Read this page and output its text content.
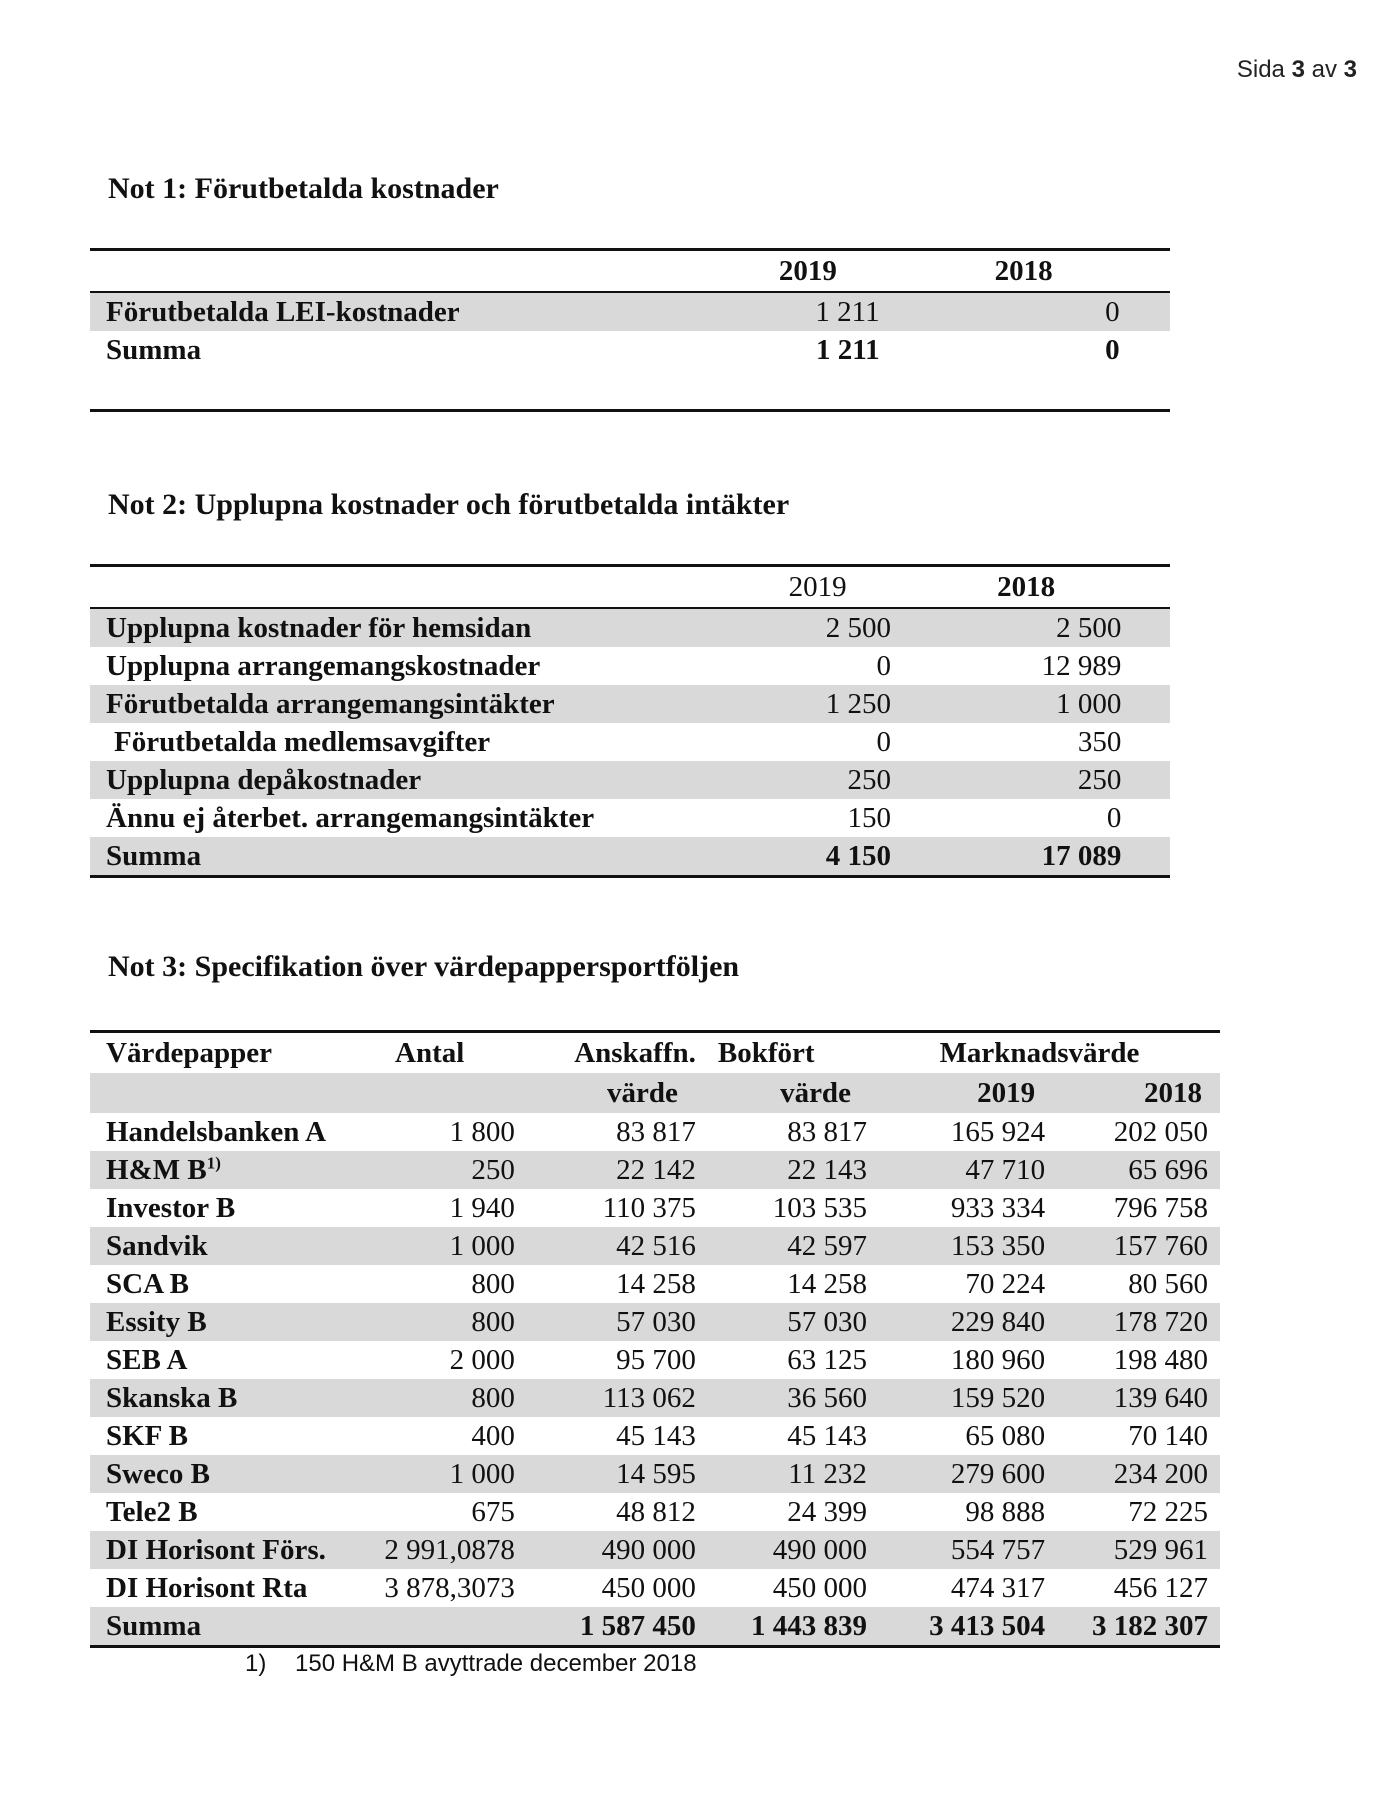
Sida 3 av 3
Not 1: Förutbetalda kostnader
	2019	2018	
Förutbetalda LEI-kostnader	1 211	0	
Summa	1 211	0	

Not 2: Upplupna kostnader och förutbetalda intäkter
	2019	2018	
Upplupna kostnader för hemsidan	2 500	2 500	
Upplupna arrangemangskostnader	0	12 989	
Förutbetalda arrangemangsintäkter	1 250	1 000	
Förutbetalda medlemsavgifter	0	350	
Upplupna depåkostnader	250	250	
Ännu ej återbet. arrangemangsintäkter	150	0	
Summa	4 150	17 089	
Not 3: Specifikation över värdepappersportföljen
Värdepapper	Antal	Anskaffn.	Bokfört	Marknadsvärde	
		värde	värde	2019	2018
Handelsbanken A	1 800	83 817	83 817	165 924	202 050
H&M $B^{1)}$	250	22 142	22 143	47 710	65 696
Investor B	1 940	110 375	103 535	933 334	796 758
Sandvik	1 000	42 516	42 597	153 350	157 760
SCA B	800	14 258	14 258	70 224	80 560
Essity B	800	57 030	57 030	229 840	178 720
SEB A	2 000	95 700	63 125	180 960	198 480
Skanska B	800	113 062	36 560	159 520	139 640
SKF B	400	45 143	45 143	65 080	70 140
Sweco B	1 000	14 595	11 232	279 600	234 200
Tele2 B	675	48 812	24 399	98 888	72 225
DI Horisont Förs.	2 991,0878	490 000	490 000	554 757	529 961
DI Horisont Rta	3 878,3073	450 000	450 000	474 317	456 127
Summa		1 587 450	1 443 839	3 413 504	3 182 307
1) 150 H&M B avyttrade december 2018
